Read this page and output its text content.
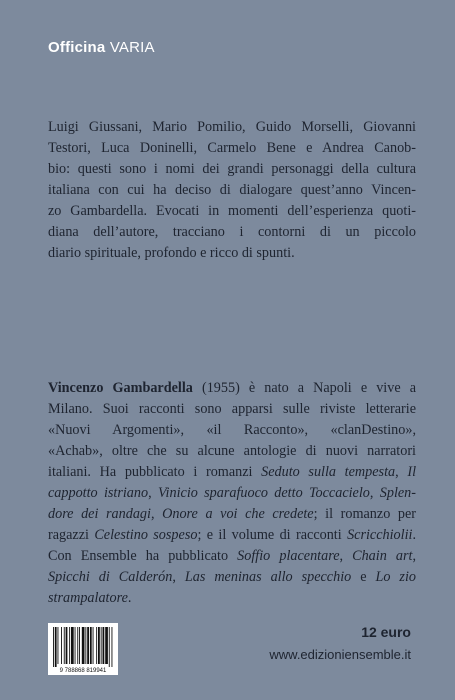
Officina VARIA
Luigi Giussani, Mario Pomilio, Guido Morselli, Giovanni
Testori, Luca Doninelli, Carmelo Bene e Andrea Canob-
bio: questi sono i nomi dei grandi personaggi della cultura
italiana con cui ha deciso di dialogare quest’anno Vincen-
zo Gambardella. Evocati in momenti dell’esperienza quoti-
diana dell’autore, tracciano i contorni di un piccolo
diario spirituale, profondo e ricco di spunti.
Vincenzo Gambardella (1955) è nato a Napoli e vive a
Milano. Suoi racconti sono apparsi sulle riviste letterarie
«Nuovi Argomenti», «il Racconto», «clanDestino»,
«Achab», oltre che su alcune antologie di nuovi narratori
italiani. Ha pubblicato i romanzi Seduto sulla tempesta, Il
cappotto istriano, Vinicio sparafuoco detto Toccacielo, Splen-
dore dei randagi, Onore a voi che credete; il romanzo per
ragazzi Celestino sospeso; e il volume di racconti Scricchiolii.
Con Ensemble ha pubblicato Soffio placentare, Chain art,
Spicchi di Calderón, Las meninas allo specchio e Lo zio
strampalatore.
9 788868 819941
12 euro
www.edizioniensemble.it
